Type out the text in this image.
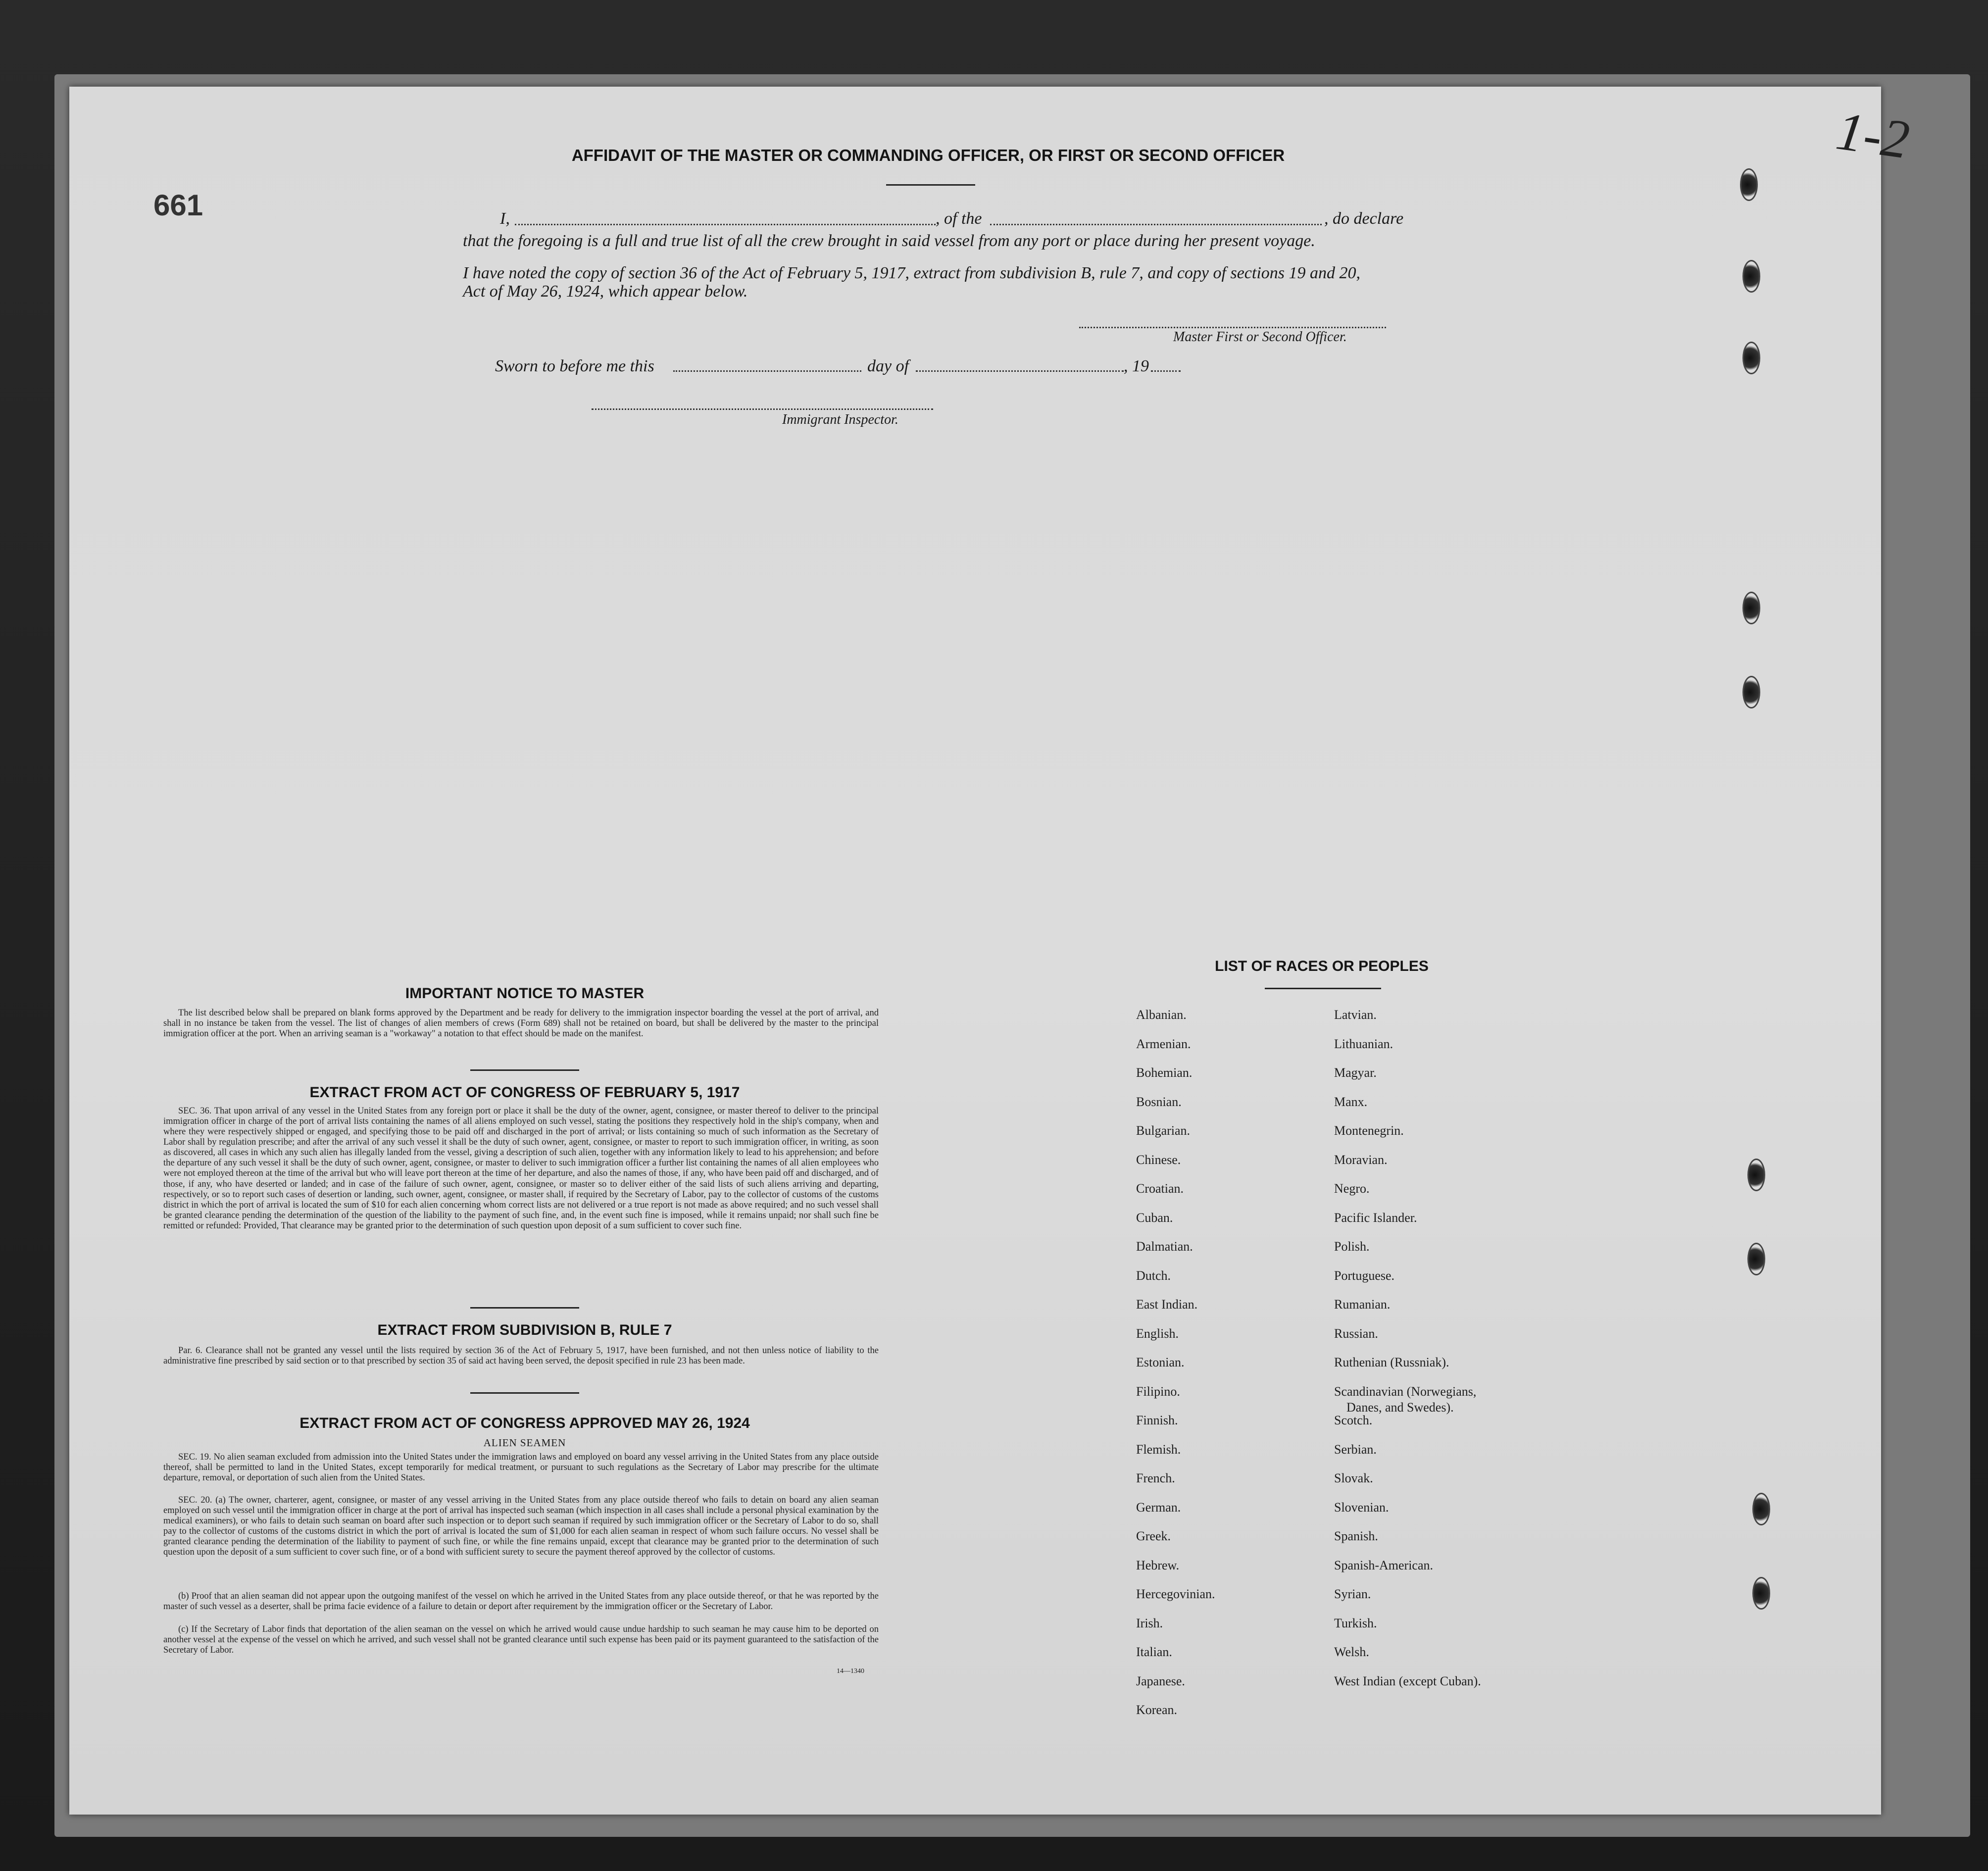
1-2
661
AFFIDAVIT OF THE MASTER OR COMMANDING OFFICER, OR FIRST OR SECOND OFFICER
I,	, of the	, do declare
that the foregoing is a full and true list of all the crew brought in said vessel from any port or place during her present voyage.
I have noted the copy of section 36 of the Act of February 5, 1917, extract from subdivision B, rule 7, and copy of sections 19 and 20,
Act of May 26, 1924, which appear below.
Master First or Second Officer.
Sworn to before me this	day of	, 19
Immigrant Inspector.
IMPORTANT NOTICE TO MASTER
The list described below shall be prepared on blank forms approved by the Department and be ready for delivery to the immigration inspector boarding the vessel at the port of arrival, and shall in no instance be taken from the vessel. The list of changes of alien members of crews (Form 689) shall not be retained on board, but shall be delivered by the master to the principal immigration officer at the port. When an arriving seaman is a "workaway" a notation to that effect should be made on the manifest.
EXTRACT FROM ACT OF CONGRESS OF FEBRUARY 5, 1917
SEC. 36. That upon arrival of any vessel in the United States from any foreign port or place it shall be the duty of the owner, agent, consignee, or master thereof to deliver to the principal immigration officer in charge of the port of arrival lists containing the names of all aliens employed on such vessel, stating the positions they respectively hold in the ship's company, when and where they were respectively shipped or engaged, and specifying those to be paid off and discharged in the port of arrival; or lists containing so much of such information as the Secretary of Labor shall by regulation prescribe; and after the arrival of any such vessel it shall be the duty of such owner, agent, consignee, or master to report to such immigration officer, in writing, as soon as discovered, all cases in which any such alien has illegally landed from the vessel, giving a description of such alien, together with any information likely to lead to his apprehension; and before the departure of any such vessel it shall be the duty of such owner, agent, consignee, or master to deliver to such immigration officer a further list containing the names of all alien employees who were not employed thereon at the time of the arrival but who will leave port thereon at the time of her departure, and also the names of those, if any, who have been paid off and discharged, and of those, if any, who have deserted or landed; and in case of the failure of such owner, agent, consignee, or master so to deliver either of the said lists of such aliens arriving and departing, respectively, or so to report such cases of desertion or landing, such owner, agent, consignee, or master shall, if required by the Secretary of Labor, pay to the collector of customs of the customs district in which the port of arrival is located the sum of $10 for each alien concerning whom correct lists are not delivered or a true report is not made as above required; and no such vessel shall be granted clearance pending the determination of the question of the liability to the payment of such fine, and, in the event such fine is imposed, while it remains unpaid; nor shall such fine be remitted or refunded: Provided, That clearance may be granted prior to the determination of such question upon deposit of a sum sufficient to cover such fine.
EXTRACT FROM SUBDIVISION B, RULE 7
Par. 6. Clearance shall not be granted any vessel until the lists required by section 36 of the Act of February 5, 1917, have been furnished, and not then unless notice of liability to the administrative fine prescribed by said section or to that prescribed by section 35 of said act having been served, the deposit specified in rule 23 has been made.
EXTRACT FROM ACT OF CONGRESS APPROVED MAY 26, 1924
ALIEN SEAMEN
SEC. 19. No alien seaman excluded from admission into the United States under the immigration laws and employed on board any vessel arriving in the United States from any place outside thereof, shall be permitted to land in the United States, except temporarily for medical treatment, or pursuant to such regulations as the Secretary of Labor may prescribe for the ultimate departure, removal, or deportation of such alien from the United States.
SEC. 20. (a) The owner, charterer, agent, consignee, or master of any vessel arriving in the United States from any place outside thereof who fails to detain on board any alien seaman employed on such vessel until the immigration officer in charge at the port of arrival has inspected such seaman (which inspection in all cases shall include a personal physical examination by the medical examiners), or who fails to detain such seaman on board after such inspection or to deport such seaman if required by such immigration officer or the Secretary of Labor to do so, shall pay to the collector of customs of the customs district in which the port of arrival is located the sum of $1,000 for each alien seaman in respect of whom such failure occurs. No vessel shall be granted clearance pending the determination of the liability to payment of such fine, or while the fine remains unpaid, except that clearance may be granted prior to the determination of such question upon the deposit of a sum sufficient to cover such fine, or of a bond with sufficient surety to secure the payment thereof approved by the collector of customs.
(b) Proof that an alien seaman did not appear upon the outgoing manifest of the vessel on which he arrived in the United States from any place outside thereof, or that he was reported by the master of such vessel as a deserter, shall be prima facie evidence of a failure to detain or deport after requirement by the immigration officer or the Secretary of Labor.
(c) If the Secretary of Labor finds that deportation of the alien seaman on the vessel on which he arrived would cause undue hardship to such seaman he may cause him to be deported on another vessel at the expense of the vessel on which he arrived, and such vessel shall not be granted clearance until such expense has been paid or its payment guaranteed to the satisfaction of the Secretary of Labor.
14—1340
LIST OF RACES OR PEOPLES
Albanian.
Armenian.
Bohemian.
Bosnian.
Bulgarian.
Chinese.
Croatian.
Cuban.
Dalmatian.
Dutch.
East Indian.
English.
Estonian.
Filipino.
Finnish.
Flemish.
French.
German.
Greek.
Hebrew.
Hercegovinian.
Irish.
Italian.
Japanese.
Korean.
Latvian.
Lithuanian.
Magyar.
Manx.
Montenegrin.
Moravian.
Negro.
Pacific Islander.
Polish.
Portuguese.
Rumanian.
Russian.
Ruthenian (Russniak).
Scandinavian (Norwegians,
Danes, and Swedes).
Scotch.
Serbian.
Slovak.
Slovenian.
Spanish.
Spanish-American.
Syrian.
Turkish.
Welsh.
West Indian (except Cuban).
